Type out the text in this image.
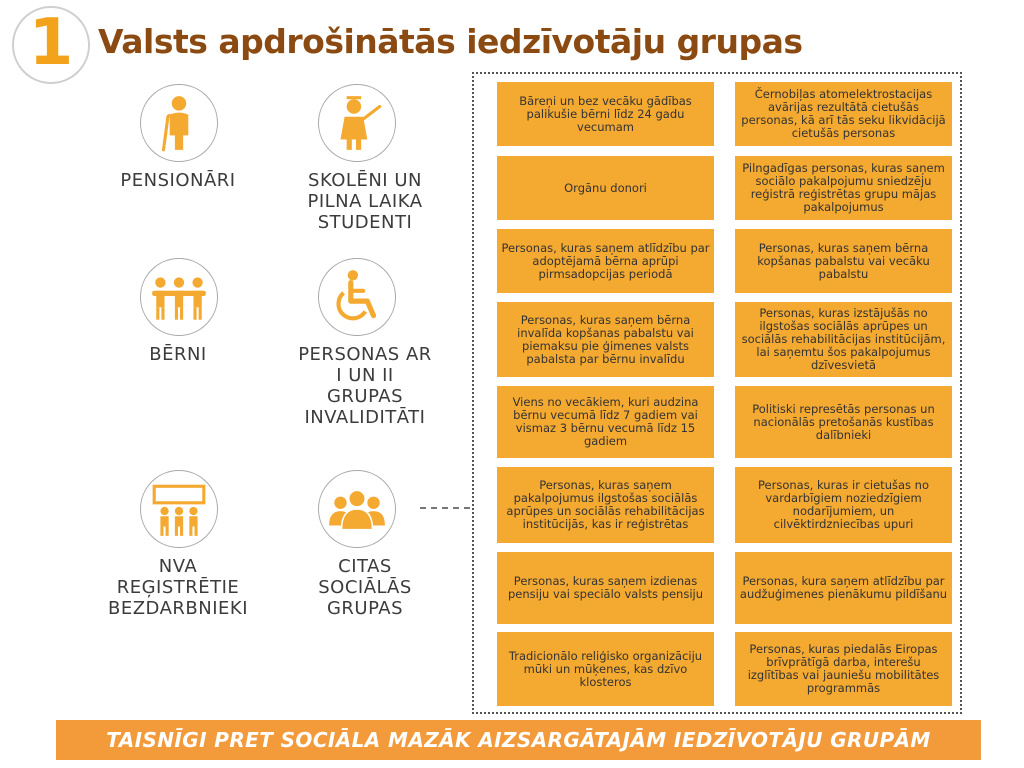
1 Valsts apdrošinātās iedzīvotāju grupas
PENSIONĀRI	SKOLĒNI UN
PILNA LAIKA
STUDENTI
BĒRNI	PERSONAS AR
I UN II
GRUPAS
INVALIDITĀTI
NVA
REĢISTRĒTIE
BEZDARBNIEKI
CITAS
SOCIĀLĀS
GRUPAS
Bāreņi un bez vecāku gādības palikušie bērni līdz 24 gadu vecumam
Orgānu donori
Personas, kuras saņem atlīdzību par adoptējamā bērna aprūpi pirmsadopcijas periodā
Personas, kuras saņem bērna invalīda kopšanas pabalstu vai piemaksu pie ģimenes valsts pabalsta par bērnu invalīdu
Viens no vecākiem, kuri audzina bērnu vecumā līdz 7 gadiem vai vismaz 3 bērnu vecumā līdz 15 gadiem
Personas, kuras saņem pakalpojumus ilgstošas sociālās aprūpes un sociālās rehabilitācijas institūcijās, kas ir reģistrētas
Personas, kuras saņem izdienas pensiju vai speciālo valsts pensiju
Tradicionālo reliģisko organizāciju mūki un mūķenes, kas dzīvo klosteros
Černobiļas atomelektrostacijas avārijas rezultātā cietušās personas, kā arī tās seku likvidācijā cietušās personas
Pilngadīgas personas, kuras saņem sociālo pakalpojumu sniedzēju reģistrā reģistrētas grupu mājas pakalpojumus
Personas, kuras saņem bērna kopšanas pabalstu vai vecāku pabalstu
Personas, kuras izstājušās no ilgstošas sociālās aprūpes un sociālās rehabilitācijas institūcijām, lai saņemtu šos pakalpojumus dzīvesvietā
Politiski represētās personas un nacionālās pretošanās kustības dalībnieki
Personas, kuras ir cietušas no vardarbīgiem noziedzīgiem nodarījumiem, un cilvēktirdzniecības upuri
Personas, kura saņem atlīdzību par audžuģimenes pienākumu pildīšanu
Personas, kuras piedalās Eiropas brīvprātīgā darba, interešu izglītības vai jauniešu mobilitātes programmās
TAISNĪGI PRET SOCIĀLA MAZĀK AIZSARGĀTAJĀM IEDZĪVOTĀJU GRUPĀM
